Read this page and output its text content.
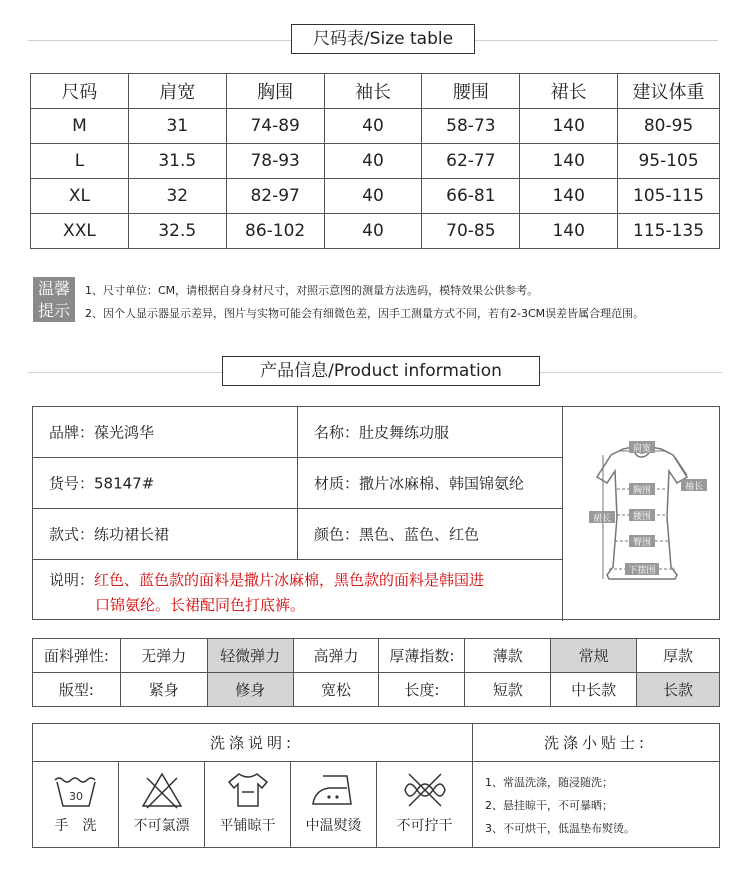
尺码表/Size table
尺码	肩宽	胸围	袖长	腰围	裙长	建议体重
M	31	74-89	40	58-73	140	80-95
L	31.5	78-93	40	62-77	140	95-105
XL	32	82-97	40	66-81	140	105-115
XXL	32.5	86-102	40	70-85	140	115-135
温馨
提示
1、尺寸单位：CM，请根据自身身材尺寸，对照示意图的测量方法选码，模特效果公供参考。
2、因个人显示器显示差异，图片与实物可能会有细微色差，因手工测量方式不同，若有2-3CM误差皆属合理范围。
产品信息/Product information
品牌：葆光鸿华	名称：肚皮舞练功服
货号：58147#	材质：撒片冰麻棉、韩国锦氨纶
款式：练功裙长裙	颜色：黑色、蓝色、红色
说明：红色、蓝色款的面料是撒片冰麻棉，黑色款的面料是韩国进
口锦氨纶。长裙配同色打底裤。
肩宽
袖长
胸围
裙长 腰围
臀围
下摆围
面料弹性:	无弹力	轻微弹力	高弹力	厚薄指数:	薄款	常规	厚款
版型:	紧身	修身	宽松	长度:	短款	中长款	长款
洗涤说明:	洗涤小贴士:
30
手　洗	不可氯漂	平铺晾干	中温熨烫	不可拧干
1、常温洗涤，随浸随洗；
2、悬挂晾干，不可暴晒；
3、不可烘干，低温垫布熨烫。
